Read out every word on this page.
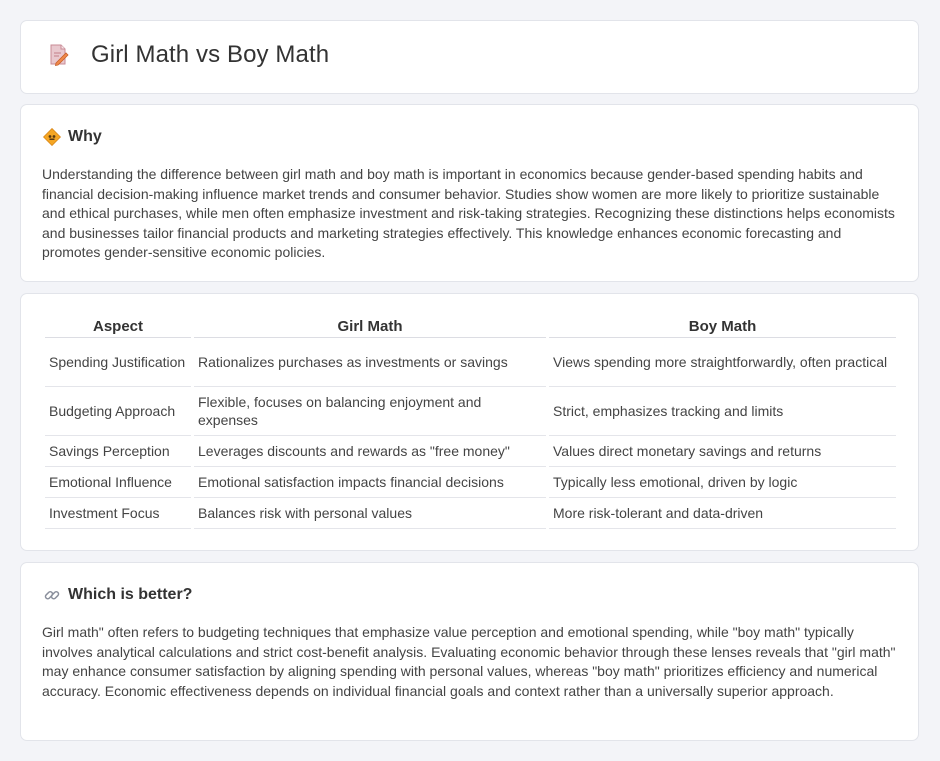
Girl Math vs Boy Math
Why

Understanding the difference between girl math and boy math is important in economics because gender-based spending habits and financial decision-making influence market trends and consumer behavior. Studies show women are more likely to prioritize sustainable and ethical purchases, while men often emphasize investment and risk-taking strategies. Recognizing these distinctions helps economists and businesses tailor financial products and marketing strategies effectively. This knowledge enhances economic forecasting and promotes gender-sensitive economic policies.

Aspect	Girl Math	Boy Math
Spending Justification	Rationalizes purchases as investments or savings	Views spending more straightforwardly, often practical
Budgeting Approach	Flexible, focuses on balancing enjoyment and expenses	Strict, emphasizes tracking and limits
Savings Perception	Leverages discounts and rewards as "free money"	Values direct monetary savings and returns
Emotional Influence	Emotional satisfaction impacts financial decisions	Typically less emotional, driven by logic
Investment Focus	Balances risk with personal values	More risk-tolerant and data-driven
Which is better?

Girl math" often refers to budgeting techniques that emphasize value perception and emotional spending, while "boy math" typically involves analytical calculations and strict cost-benefit analysis. Evaluating economic behavior through these lenses reveals that "girl math" may enhance consumer satisfaction by aligning spending with personal values, whereas "boy math" prioritizes efficiency and numerical accuracy. Economic effectiveness depends on individual financial goals and context rather than a universally superior approach.
